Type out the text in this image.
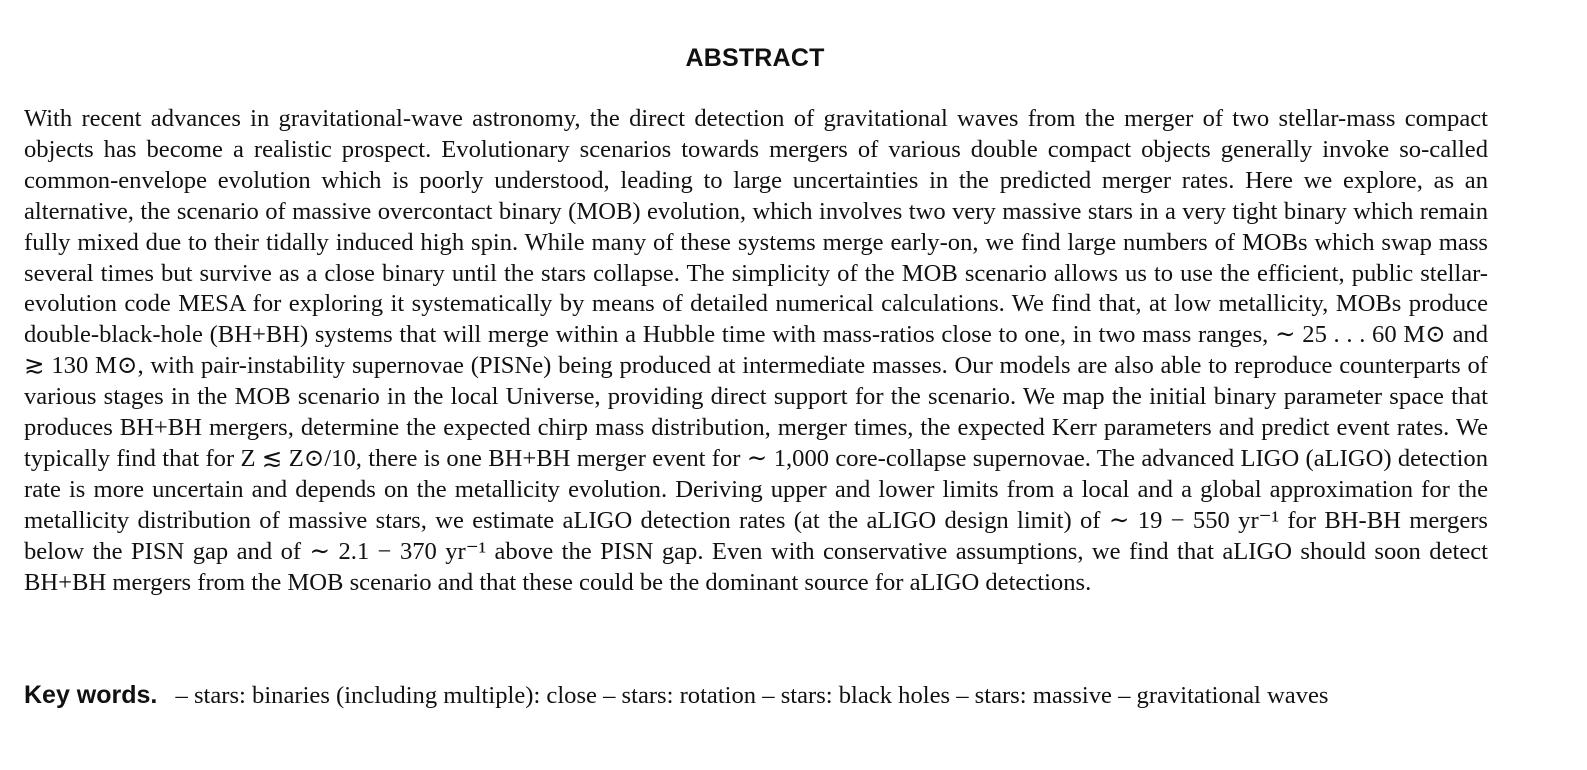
ABSTRACT

With recent advances in gravitational-wave astronomy, the direct detection of gravitational waves from the merger of two stellar-mass compact objects has become a realistic prospect. Evolutionary scenarios towards mergers of various double compact objects generally invoke so-called common-envelope evolution which is poorly understood, leading to large uncertainties in the predicted merger rates. Here we explore, as an alternative, the scenario of massive overcontact binary (MOB) evolution, which involves two very massive stars in a very tight binary which remain fully mixed due to their tidally induced high spin. While many of these systems merge early-on, we find large numbers of MOBs which swap mass several times but survive as a close binary until the stars collapse. The simplicity of the MOB scenario allows us to use the efficient, public stellar-evolution code MESA for exploring it systematically by means of detailed numerical calculations. We find that, at low metallicity, MOBs produce double-black-hole (BH+BH) systems that will merge within a Hubble time with mass-ratios close to one, in two mass ranges, ∼ 25 . . . 60 M⊙ and ≳ 130 M⊙, with pair-instability supernovae (PISNe) being produced at intermediate masses. Our models are also able to reproduce counterparts of various stages in the MOB scenario in the local Universe, providing direct support for the scenario. We map the initial binary parameter space that produces BH+BH mergers, determine the expected chirp mass distribution, merger times, the expected Kerr parameters and predict event rates. We typically find that for Z ≲ Z⊙/10, there is one BH+BH merger event for ∼ 1,000 core-collapse supernovae. The advanced LIGO (aLIGO) detection rate is more uncertain and depends on the metallicity evolution. Deriving upper and lower limits from a local and a global approximation for the metallicity distribution of massive stars, we estimate aLIGO detection rates (at the aLIGO design limit) of ∼ 19 − 550 yr⁻¹ for BH-BH mergers below the PISN gap and of ∼ 2.1 − 370 yr⁻¹ above the PISN gap. Even with conservative assumptions, we find that aLIGO should soon detect BH+BH mergers from the MOB scenario and that these could be the dominant source for aLIGO detections.

Key words. – stars: binaries (including multiple): close – stars: rotation – stars: black holes – stars: massive – gravitational waves
